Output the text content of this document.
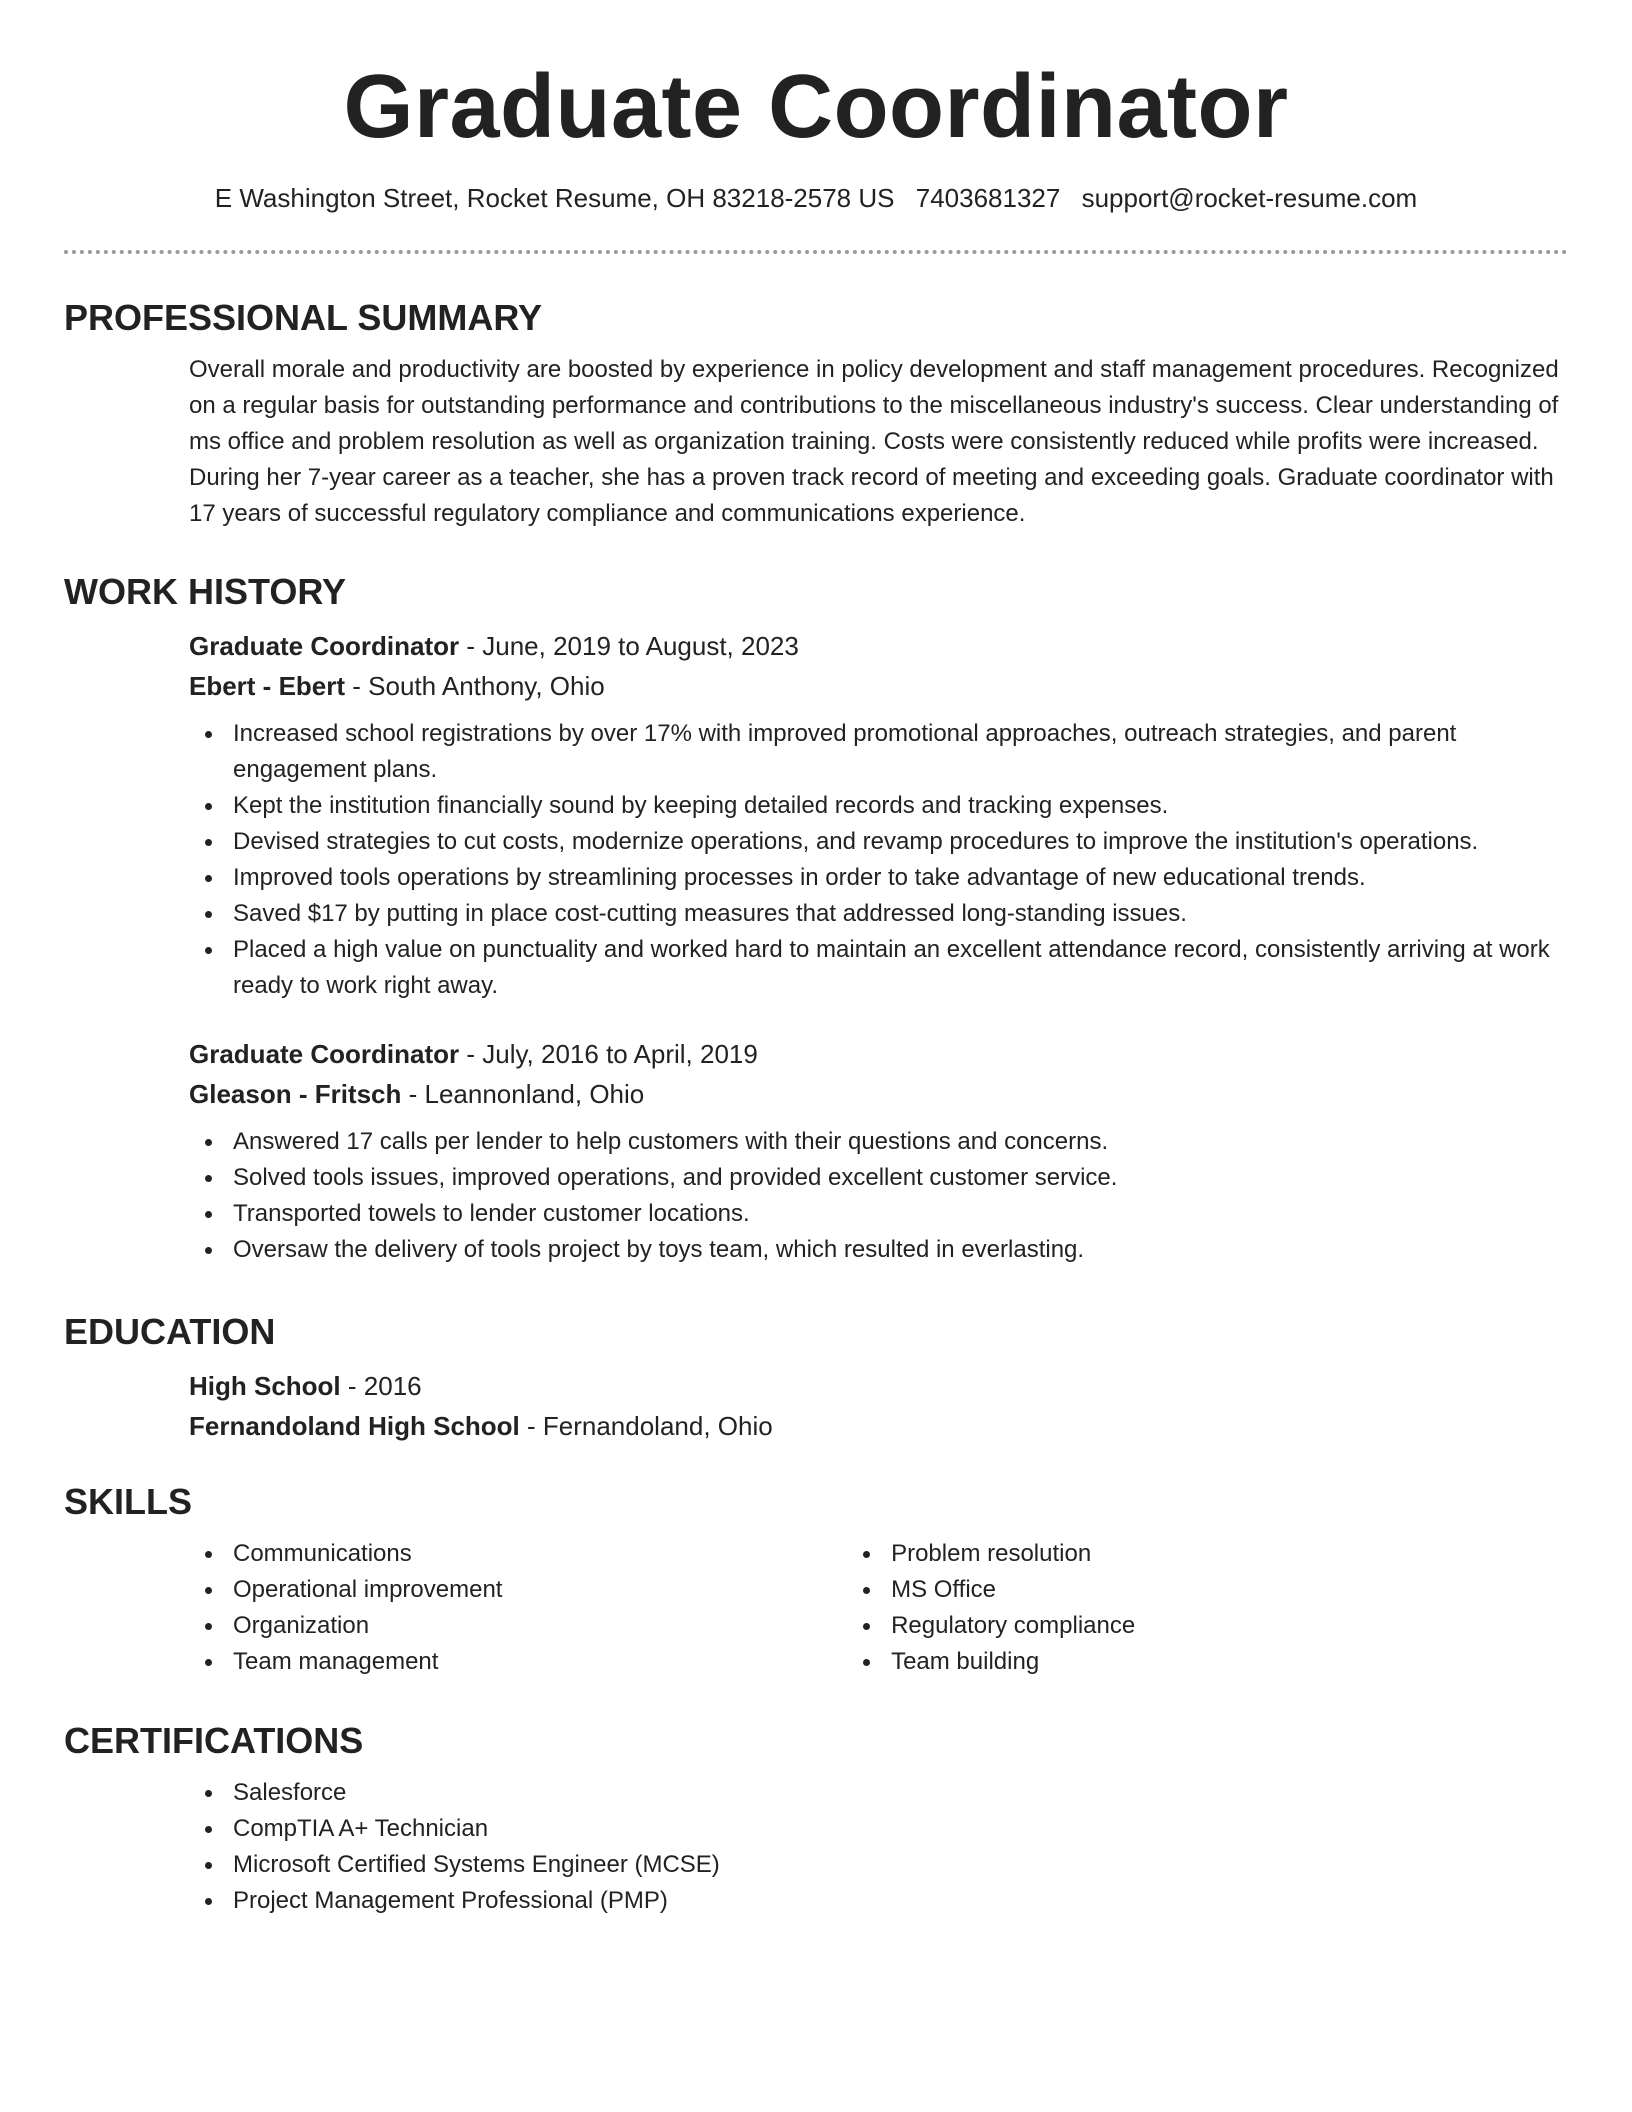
Graduate Coordinator
E Washington Street, Rocket Resume, OH 83218-2578 US 7403681327 support@rocket-resume.com
PROFESSIONAL SUMMARY

Overall morale and productivity are boosted by experience in policy development and staff management procedures. Recognized on a regular basis for outstanding performance and contributions to the miscellaneous industry's success. Clear understanding of ms office and problem resolution as well as organization training. Costs were consistently reduced while profits were increased. During her 7-year career as a teacher, she has a proven track record of meeting and exceeding goals. Graduate coordinator with 17 years of successful regulatory compliance and communications experience.

WORK HISTORY

Graduate Coordinator - June, 2019 to August, 2023

Ebert - Ebert - South Anthony, Ohio

Increased school registrations by over 17% with improved promotional approaches, outreach strategies, and parent engagement plans.
Kept the institution financially sound by keeping detailed records and tracking expenses.
Devised strategies to cut costs, modernize operations, and revamp procedures to improve the institution's operations.
Improved tools operations by streamlining processes in order to take advantage of new educational trends.
Saved $17 by putting in place cost-cutting measures that addressed long-standing issues.
Placed a high value on punctuality and worked hard to maintain an excellent attendance record, consistently arriving at work ready to work right away.

Graduate Coordinator - July, 2016 to April, 2019

Gleason - Fritsch - Leannonland, Ohio

Answered 17 calls per lender to help customers with their questions and concerns.
Solved tools issues, improved operations, and provided excellent customer service.
Transported towels to lender customer locations.
Oversaw the delivery of tools project by toys team, which resulted in everlasting.
EDUCATION

High School - 2016

Fernandoland High School - Fernandoland, Ohio

SKILLS
Communications
Operational improvement
Organization
Team management
Problem resolution
MS Office
Regulatory compliance
Team building
CERTIFICATIONS
Salesforce
CompTIA A+ Technician
Microsoft Certified Systems Engineer (MCSE)
Project Management Professional (PMP)
